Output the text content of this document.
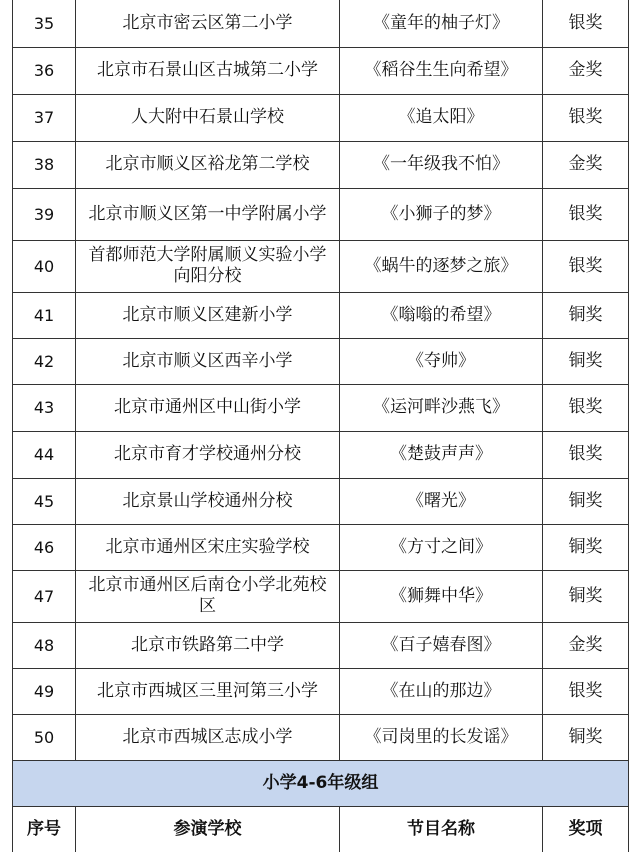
35	北京市密云区第二小学	《童年的柚子灯》	银奖
36	北京市石景山区古城第二小学	《稻谷生生向希望》	金奖
37	人大附中石景山学校	《追太阳》	银奖
38	北京市顺义区裕龙第二学校	《一年级我不怕》	金奖
39	北京市顺义区第一中学附属小学	《小狮子的梦》	银奖
40	首都师范大学附属顺义实验小学向阳分校	《蜗牛的逐梦之旅》	银奖
41	北京市顺义区建新小学	《嗡嗡的希望》	铜奖
42	北京市顺义区西辛小学	《夺帅》	铜奖
43	北京市通州区中山街小学	《运河畔沙燕飞》	银奖
44	北京市育才学校通州分校	《楚鼓声声》	银奖
45	北京景山学校通州分校	《曙光》	铜奖
46	北京市通州区宋庄实验学校	《方寸之间》	铜奖
47	北京市通州区后南仓小学北苑校区	《狮舞中华》	铜奖
48	北京市铁路第二中学	《百子嬉春图》	金奖
49	北京市西城区三里河第三小学	《在山的那边》	银奖
50	北京市西城区志成小学	《司岗里的长发谣》	铜奖
小学4-6年级组			
序号	参演学校	节目名称	奖项
